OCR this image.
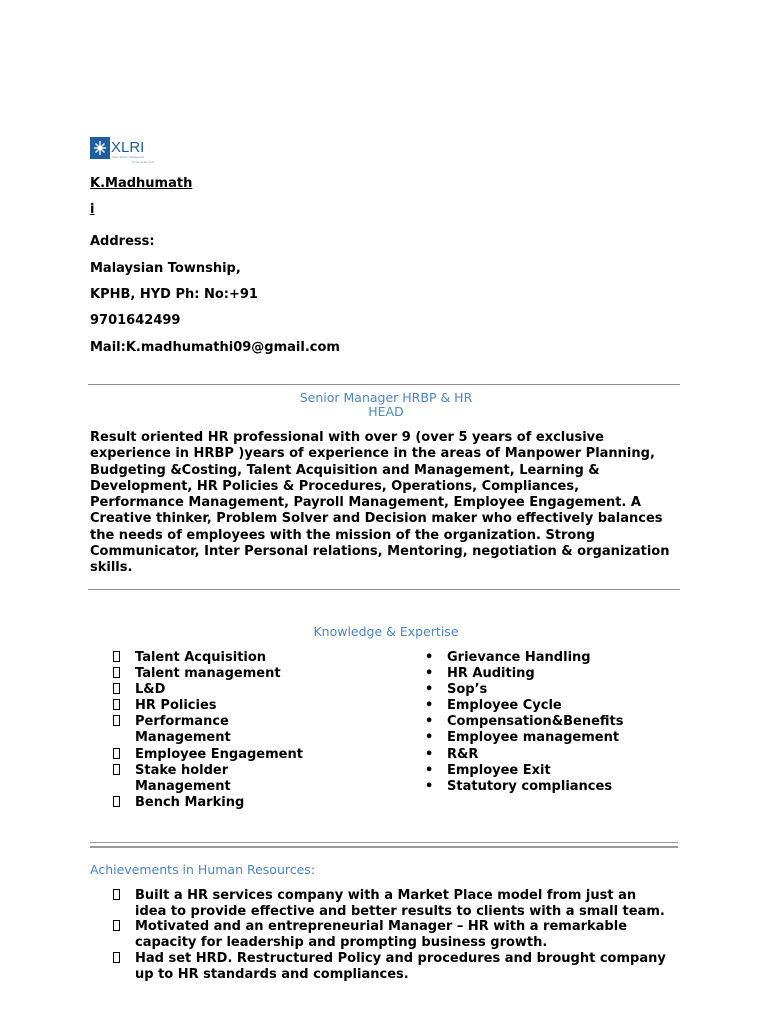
XLRI
Xavier School of Management
For the greater good
K.Madhumath
i
Address:
Malaysian Township,
KPHB, HYD Ph: No:+91
9701642499
Mail:K.madhumathi09@gmail.com
Senior Manager HRBP & HR
HEAD
Result oriented HR professional with over 9 (over 5 years of exclusive experience in HRBP )years of experience in the areas of Manpower Planning, Budgeting &Costing, Talent Acquisition and Management, Learning & Development, HR Policies & Procedures, Operations, Compliances, Performance Management, Payroll Management, Employee Engagement. A Creative thinker, Problem Solver and Decision maker who effectively balances the needs of employees with the mission of the organization. Strong Communicator, Inter Personal relations, Mentoring, negotiation & organization skills.
Knowledge & Expertise
Talent Acquisition
Talent management
L&D
HR Policies
Performance Management
Employee Engagement
Stake holder Management
Bench Marking
• Grievance Handling
• HR Auditing
• Sop’s
• Employee Cycle
• Compensation&Benefits
• Employee management
• R&R
• Employee Exit
• Statutory compliances
Achievements in Human Resources:
Built a HR services company with a Market Place model from just an idea to provide effective and better results to clients with a small team.
Motivated and an entrepreneurial Manager – HR with a remarkable capacity for leadership and prompting business growth.
Had set HRD. Restructured Policy and procedures and brought company up to HR standards and compliances.
